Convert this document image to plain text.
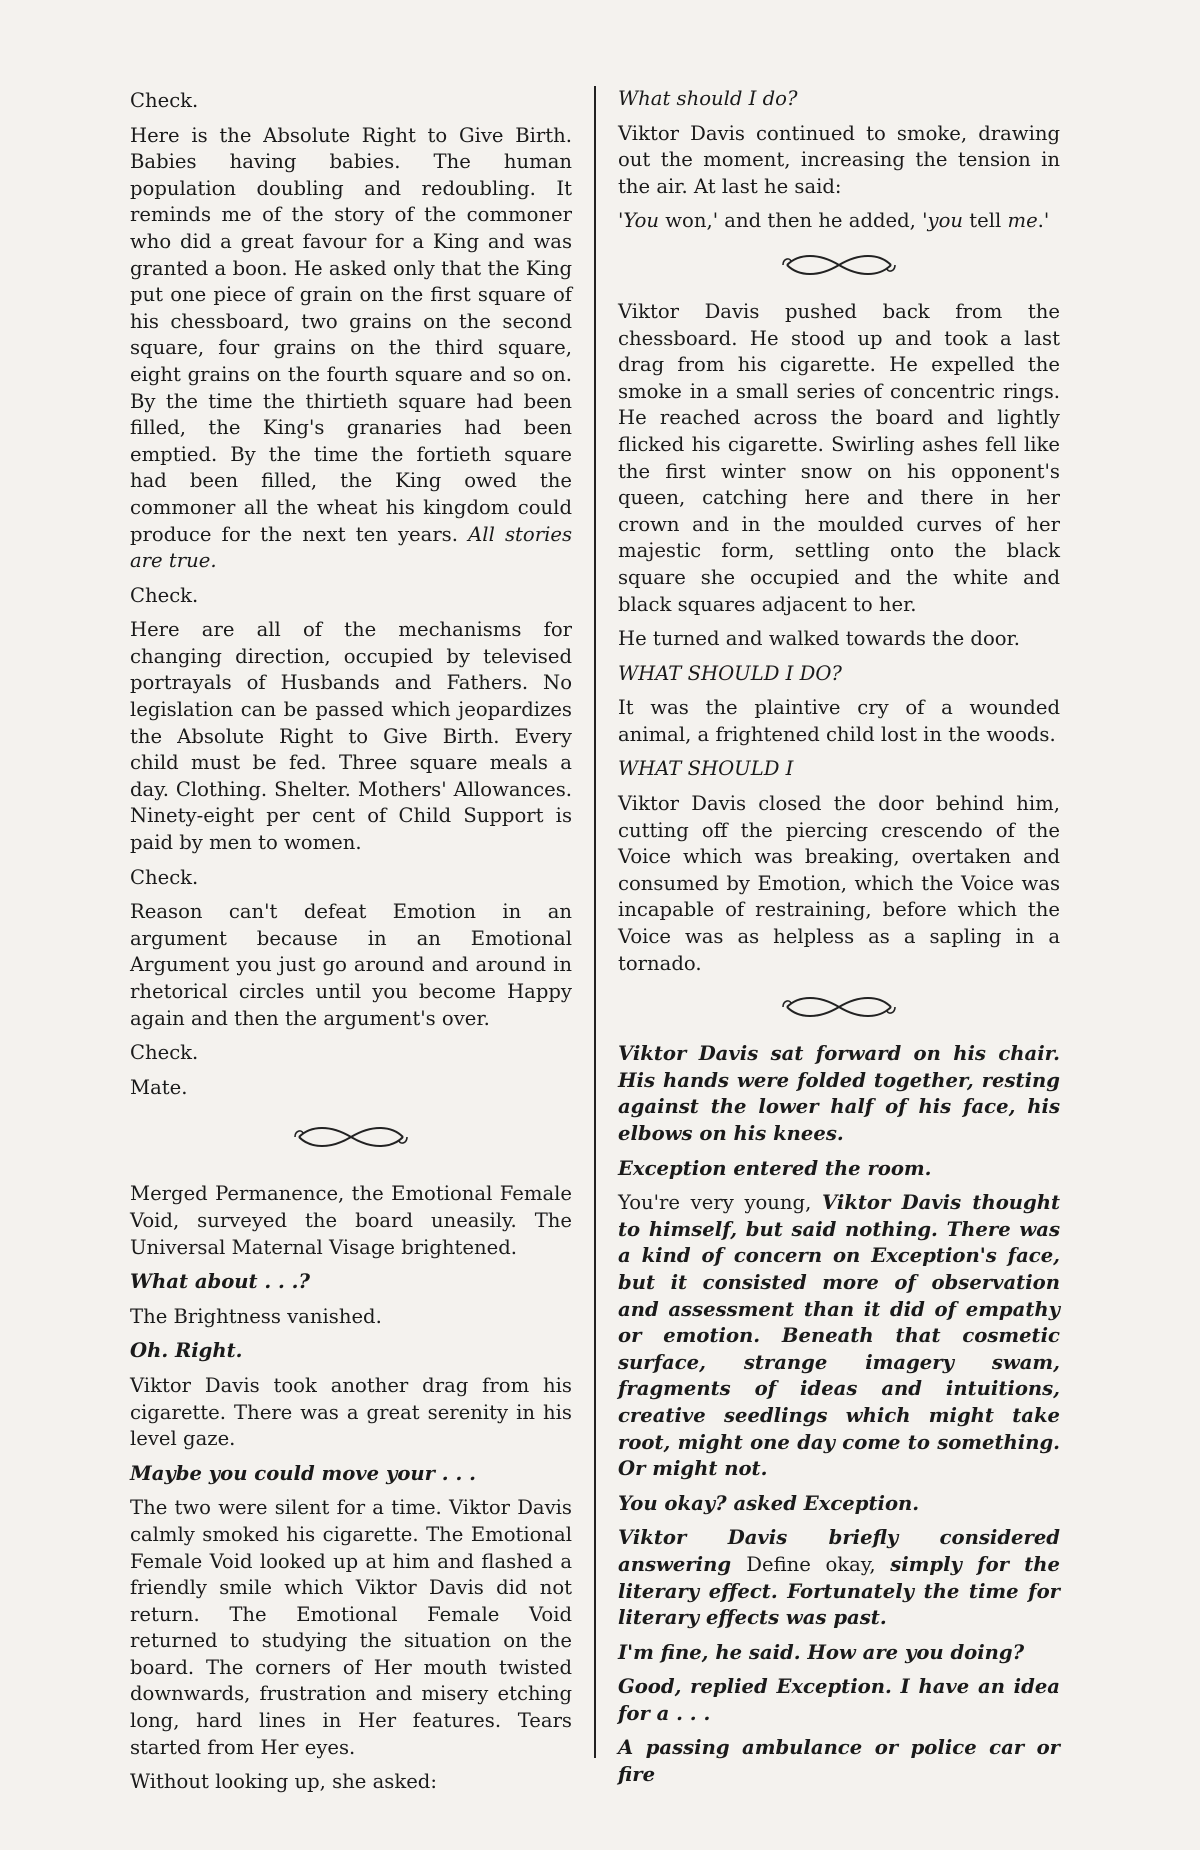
Check.

Here is the Absolute Right to Give Birth. Babies having babies. The human population doubling and redoubling. It reminds me of the story of the commoner who did a great favour for a King and was granted a boon. He asked only that the King put one piece of grain on the first square of his chessboard, two grains on the second square, four grains on the third square, eight grains on the fourth square and so on. By the time the thirtieth square had been filled, the King's granaries had been emptied. By the time the fortieth square had been filled, the King owed the commoner all the wheat his kingdom could produce for the next ten years. All stories are true.

Check.

Here are all of the mechanisms for changing direction, occupied by televised portrayals of Husbands and Fathers. No legislation can be passed which jeopardizes the Absolute Right to Give Birth. Every child must be fed. Three square meals a day. Clothing. Shelter. Mothers' Allowances. Ninety-eight per cent of Child Support is paid by men to women.

Check.

Reason can't defeat Emotion in an argument because in an Emotional Argument you just go around and around in rhetorical circles until you become Happy again and then the argument's over.

Check.

Mate.

Merged Permanence, the Emotional Female Void, surveyed the board uneasily. The Universal Maternal Visage brightened.

What about . . .?

The Brightness vanished.

Oh. Right.

Viktor Davis took another drag from his cigarette. There was a great serenity in his level gaze.

Maybe you could move your . . .

The two were silent for a time. Viktor Davis calmly smoked his cigarette. The Emotional Female Void looked up at him and flashed a friendly smile which Viktor Davis did not return. The Emotional Female Void returned to studying the situation on the board. The corners of Her mouth twisted downwards, frustration and misery etching long, hard lines in Her features. Tears started from Her eyes.

Without looking up, she asked:

What should I do?

Viktor Davis continued to smoke, drawing out the moment, increasing the tension in the air. At last he said:

'You won,' and then he added, 'you tell me.'

Viktor Davis pushed back from the chessboard. He stood up and took a last drag from his cigarette. He expelled the smoke in a small series of concentric rings. He reached across the board and lightly flicked his cigarette. Swirling ashes fell like the first winter snow on his opponent's queen, catching here and there in her crown and in the moulded curves of her majestic form, settling onto the black square she occupied and the white and black squares adjacent to her.

He turned and walked towards the door.

WHAT SHOULD I DO?

It was the plaintive cry of a wounded animal, a frightened child lost in the woods.

WHAT SHOULD I

Viktor Davis closed the door behind him, cutting off the piercing crescendo of the Voice which was breaking, overtaken and consumed by Emotion, which the Voice was incapable of restraining, before which the Voice was as helpless as a sapling in a tornado.

Viktor Davis sat forward on his chair. His hands were folded together, resting against the lower half of his face, his elbows on his knees.

Exception entered the room.

You're very young, Viktor Davis thought to himself, but said nothing. There was a kind of concern on Exception's face, but it consisted more of observation and assessment than it did of empathy or emotion. Beneath that cosmetic surface, strange imagery swam, fragments of ideas and intuitions, creative seedlings which might take root, might one day come to something. Or might not.

You okay? asked Exception.

Viktor Davis briefly considered answering Define okay, simply for the literary effect. Fortunately the time for literary effects was past.

I'm fine, he said. How are you doing?

Good, replied Exception. I have an idea for a . . .

A passing ambulance or police car or fire
